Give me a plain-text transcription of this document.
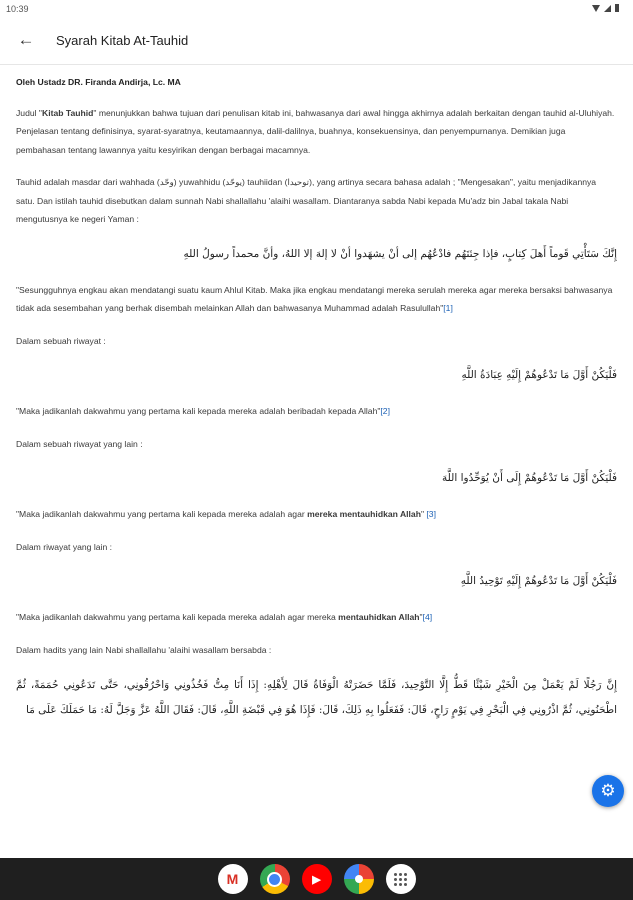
10:39
←	Syarah Kitab At-Tauhid
Oleh Ustadz DR. Firanda Andirja, Lc. MA

Judul "Kitab Tauhid" menunjukkan bahwa tujuan dari penulisan kitab ini, bahwasanya dari awal hingga akhirnya adalah berkaitan dengan tauhid al-Uluhiyah. Penjelasan tentang definisinya, syarat-syaratnya, keutamaannya, dalil-dalilnya, buahnya, konsekuensinya, dan penyempurnanya. Demikian juga pembahasan tentang lawannya yaitu kesyirikan dengan berbagai macamnya.

Tauhid adalah masdar dari wahhada (وحّد) yuwahhidu (يوحّد) tauhiidan (توحيدا), yang artinya secara bahasa adalah ; "Mengesakan", yaitu menjadikannya satu. Dan istilah tauhid disebutkan dalam sunnah Nabi shallallahu 'alaihi wasallam. Diantaranya sabda Nabi kepada Mu'adz bin Jabal takala Nabi mengutusnya ke negeri Yaman :

إِنَّكَ سَتَأْتِي قَوماً أَهلَ كِتابٍ، فإذا جِئتَهُم فادْعُهُم إلى أنْ يشهَدوا أنْ لا إلهَ إلا اللهُ، وأنَّ محمداً رسولُ اللهِ

"Sesungguhnya engkau akan mendatangi suatu kaum Ahlul Kitab. Maka jika engkau mendatangi mereka serulah mereka agar mereka bersaksi bahwasanya tidak ada sesembahan yang berhak disembah melainkan Allah dan bahwasanya Muhammad adalah Rasulullah"[1]

Dalam sebuah riwayat :

فَلْيَكُنْ أَوَّلَ مَا تَدْعُوهُمْ إِلَيْهِ عِبَادَةُ اللَّهِ

"Maka jadikanlah dakwahmu yang pertama kali kepada mereka adalah beribadah kepada Allah"[2]

Dalam sebuah riwayat yang lain :

فَلْيَكُنْ أَوَّلَ مَا تَدْعُوهُمْ إِلَى أَنْ يُوَحِّدُوا اللَّهَ

"Maka jadikanlah dakwahmu yang pertama kali kepada mereka adalah agar mereka mentauhidkan Allah" [3]

Dalam riwayat yang lain :

فَلْيَكُنْ أَوَّلَ مَا تَدْعُوهُمْ إِلَيْهِ تَوْحِيدُ اللَّهِ

"Maka jadikanlah dakwahmu yang pertama kali kepada mereka adalah agar mereka mentauhidkan Allah"[4]

Dalam hadits yang lain Nabi shallallahu 'alaihi wasallam bersabda :

إِنَّ رَجُلًا لَمْ يَعْمَلْ مِنَ الْخَيْرِ شَيْئًا قَطُّ إِلَّا التَّوْحِيدَ، فَلَمَّا حَضَرَتْهُ الْوَفَاةُ قَالَ لِأَهْلِهِ: إِذَا أَنَا مِتُّ فَخُذُونِي وَاحْرُقُونِي، حَتَّى تَدَعُونِي حُمَمَةً، ثُمَّ اطْحَنُونِي، ثُمَّ اذْرُونِي فِي الْبَحْرِ فِي يَوْمٍ رَاحٍ، قَالَ: فَفَعَلُوا بِهِ ذَلِكَ، قَالَ: فَإِذَا هُوَ فِي قَبْضَةِ اللَّهِ، قَالَ: فَقَالَ اللَّهُ عَزَّ وَجَلَّ لَهُ: مَا حَمَلَكَ عَلَى مَا
⚙
M	▶
